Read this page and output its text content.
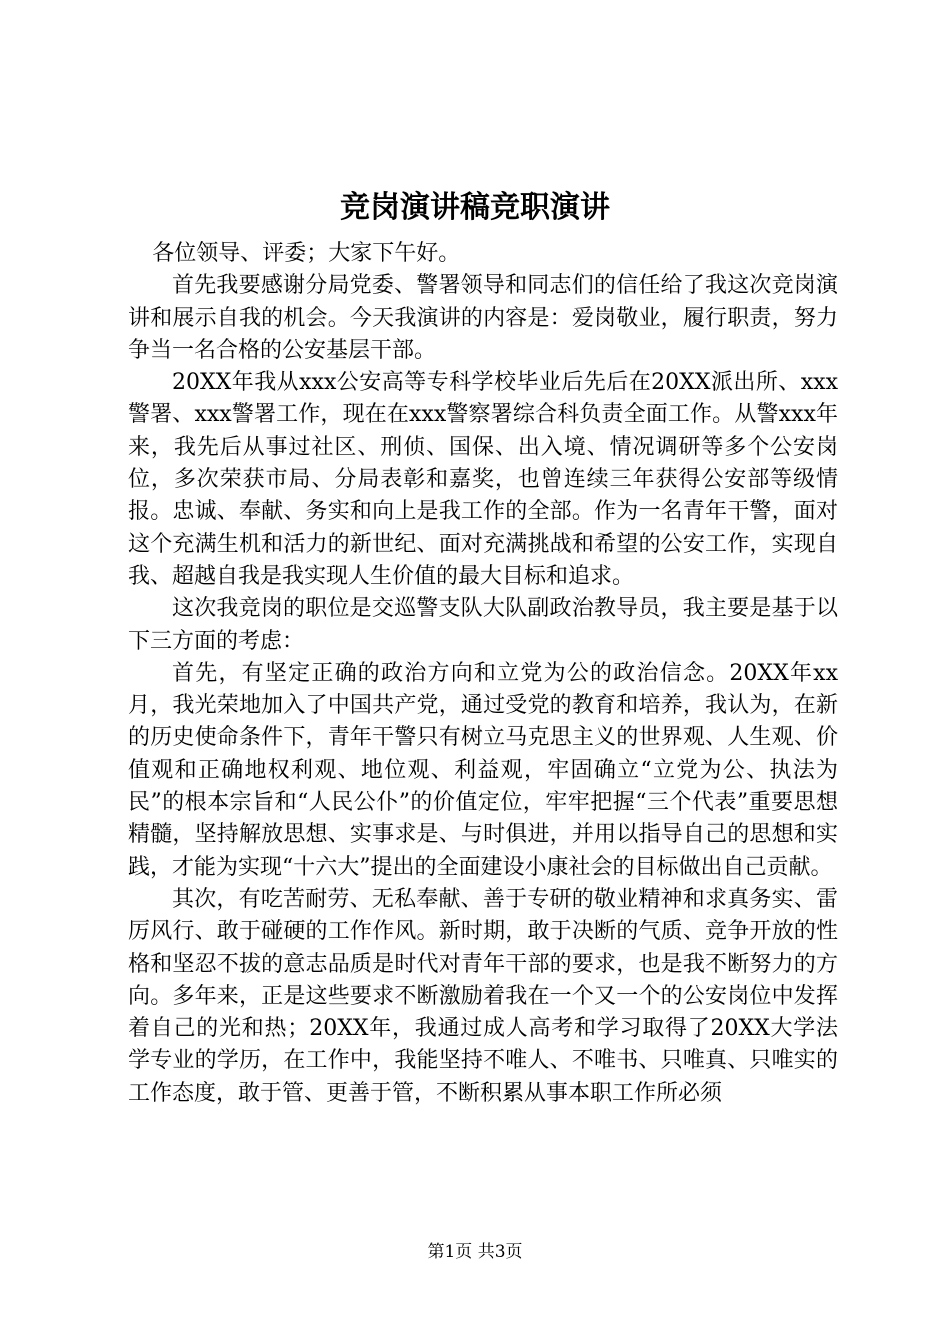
竞岗演讲稿竞职演讲

各位领导、评委；大家下午好。

首先我要感谢分局党委、警署领导和同志们的信任给了我这次竞岗演讲和展示自我的机会。今天我演讲的内容是：爱岗敬业，履行职责，努力争当一名合格的公安基层干部。

20XX年我从xxx公安高等专科学校毕业后先后在20XX派出所、xxx警署、xxx警署工作，现在在xxx警察署综合科负责全面工作。从警xxx年来，我先后从事过社区、刑侦、国保、出入境、情况调研等多个公安岗位，多次荣获市局、分局表彰和嘉奖，也曾连续三年获得公安部等级情报。忠诚、奉献、务实和向上是我工作的全部。作为一名青年干警，面对这个充满生机和活力的新世纪、面对充满挑战和希望的公安工作，实现自我、超越自我是我实现人生价值的最大目标和追求。

这次我竞岗的职位是交巡警支队大队副政治教导员，我主要是基于以下三方面的考虑：

首先，有坚定正确的政治方向和立党为公的政治信念。20XX年xx月，我光荣地加入了中国共产党，通过受党的教育和培养，我认为，在新的历史使命条件下，青年干警只有树立马克思主义的世界观、人生观、价值观和正确地权利观、地位观、利益观，牢固确立“立党为公、执法为民”的根本宗旨和“人民公仆”的价值定位，牢牢把握“三个代表”重要思想精髓，坚持解放思想、实事求是、与时俱进，并用以指导自己的思想和实践，才能为实现“十六大”提出的全面建设小康社会的目标做出自己贡献。

其次，有吃苦耐劳、无私奉献、善于专研的敬业精神和求真务实、雷厉风行、敢于碰硬的工作作风。新时期，敢于决断的气质、竞争开放的性格和坚忍不拔的意志品质是时代对青年干部的要求，也是我不断努力的方向。多年来，正是这些要求不断激励着我在一个又一个的公安岗位中发挥着自己的光和热；20XX年，我通过成人高考和学习取得了20XX大学法学专业的学历，在工作中，我能坚持不唯人、不唯书、只唯真、只唯实的工作态度，敢于管、更善于管，不断积累从事本职工作所必须

第1页 共3页
